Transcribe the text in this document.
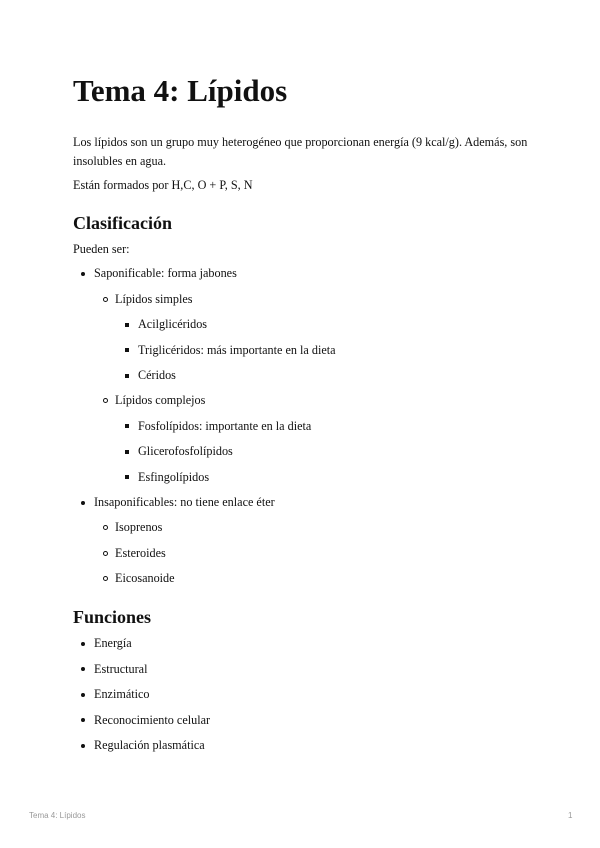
Tema 4: Lípidos

Los lípidos son un grupo muy heterogéneo que proporcionan energía (9 kcal/g). Además, son insolubles en agua.

Están formados por H,C, O + P, S, N

Clasificación

Pueden ser:

Saponificable: forma jabones
Lípidos simples
Acilglicéridos
Triglicéridos: más importante en la dieta
Céridos
Lípidos complejos
Fosfolípidos: importante en la dieta
Glicerofosfolípidos
Esfingolípidos
Insaponificables: no tiene enlace éter
Isoprenos
Esteroides
Eicosanoide
Funciones
Energía
Estructural
Enzimático
Reconocimiento celular
Regulación plasmática
Tema 4: Lípidos	1
